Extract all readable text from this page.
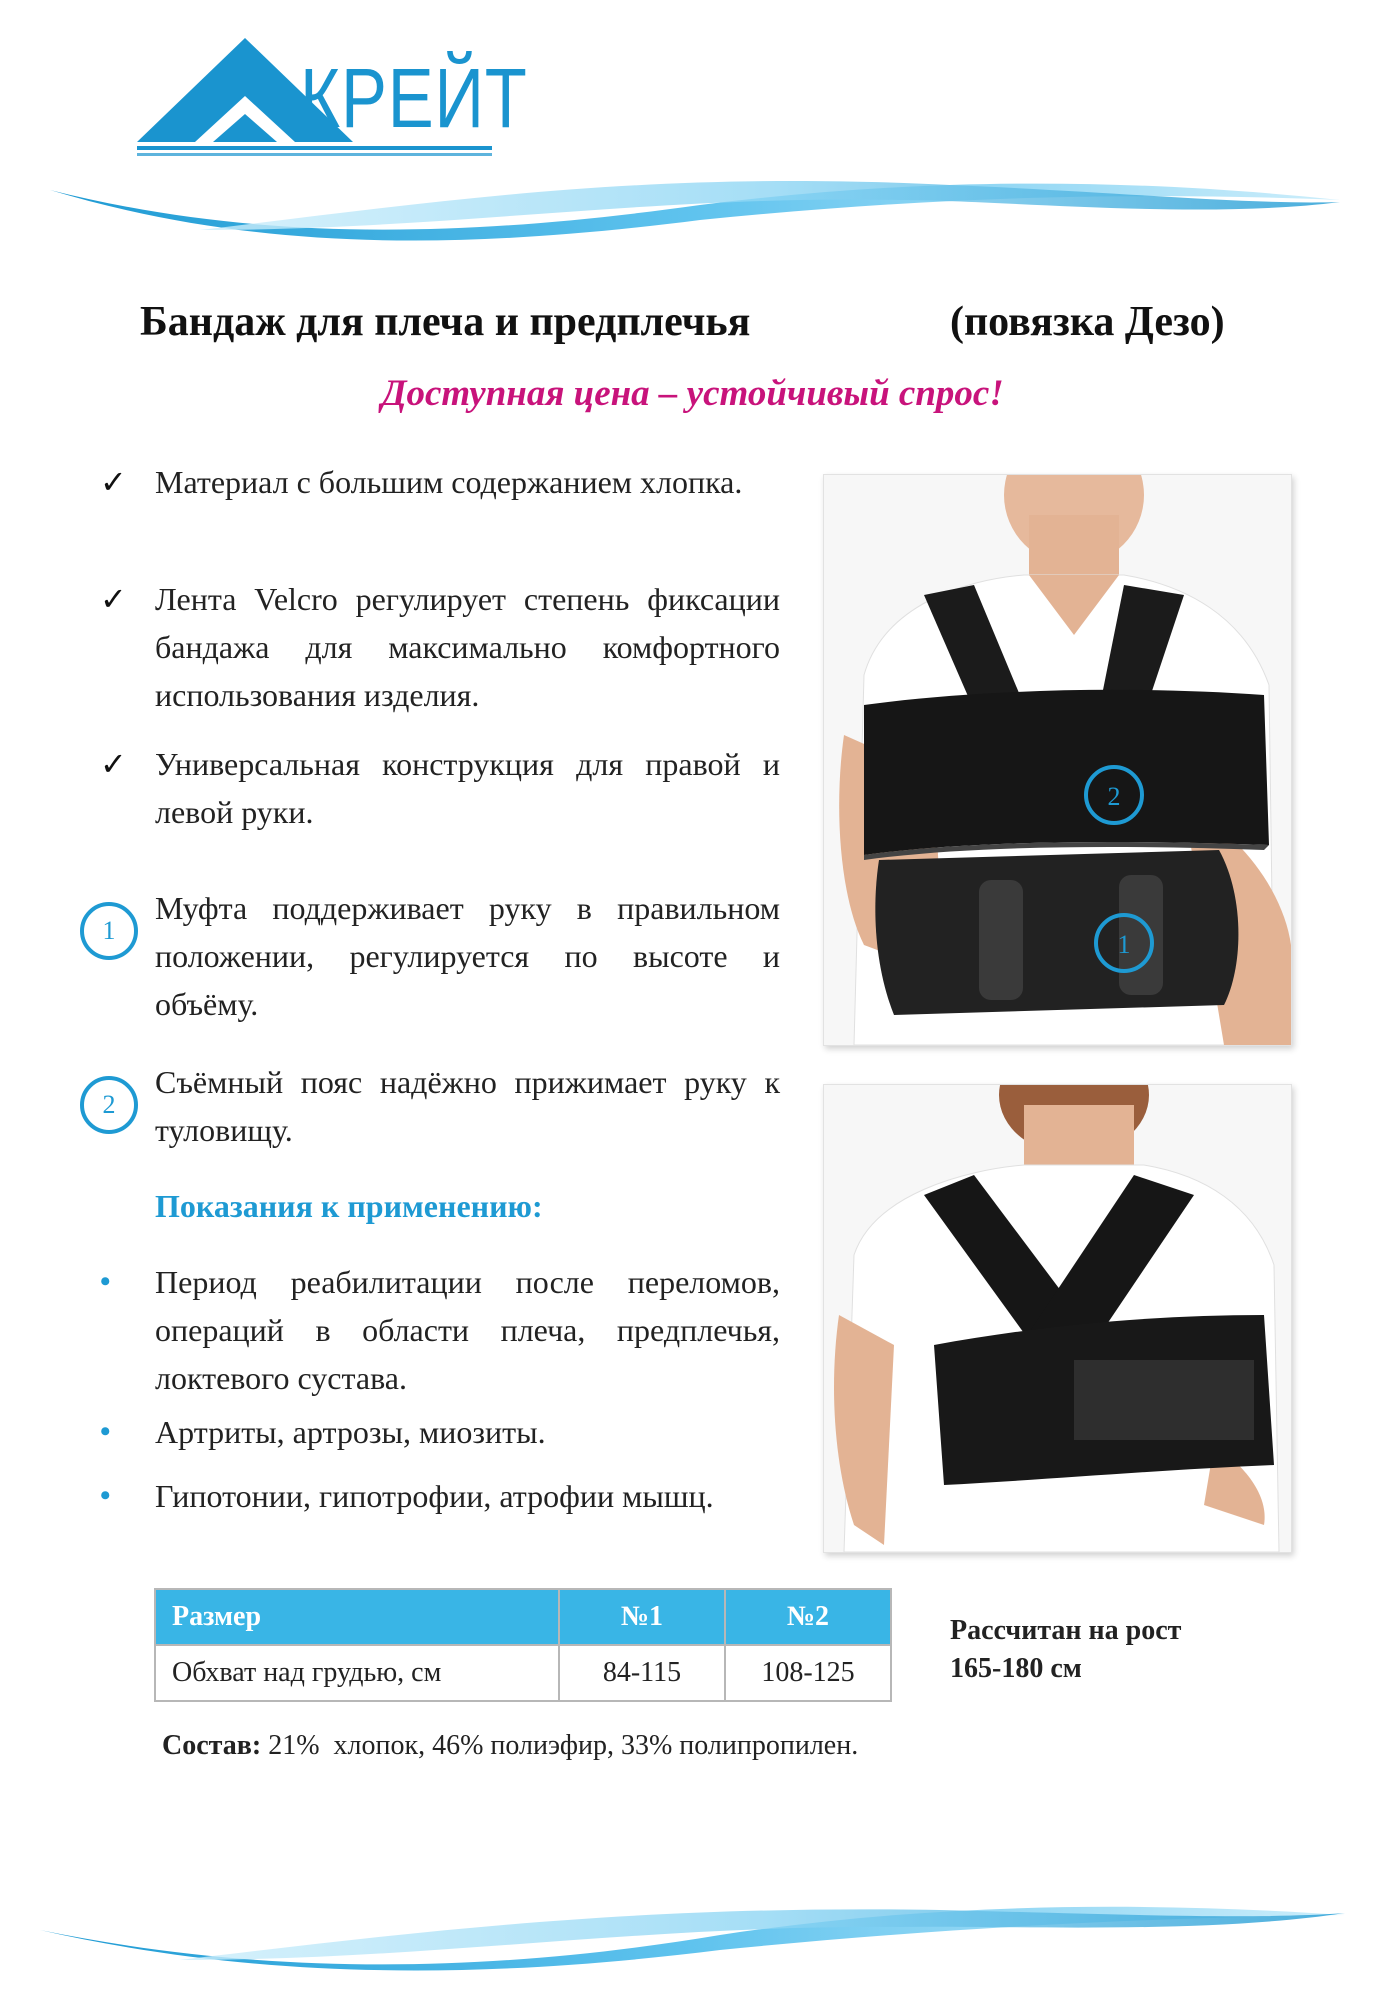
КРЕЙТ
Бандаж для плеча и предплечья	(повязка Дезо)
Доступная цена – устойчивый спрос!
✓ Материал с большим содержанием хлопка.
✓ Лента Velcro регулирует степень фиксации бандажа для максимально комфортного использования изделия.
✓ Универсальная конструкция для правой и левой руки.
1
Муфта поддерживает руку в правильном положении, регулируется по высоте и объёму.
2
Съёмный пояс надёжно прижимает руку к туловищу.
Показания к применению:
• Период реабилитации после переломов, операций в области плеча, предплечья, локтевого сустава.
• Артриты, артрозы, миозиты.
• Гипотонии, гипотрофии, атрофии мышц.
2
1
Размер	№1	№2
Обхват над грудью, см	84-115	108-125
Рассчитан на рост
165-180 см
Состав: 21%  хлопок, 46% полиэфир, 33% полипропилен.
